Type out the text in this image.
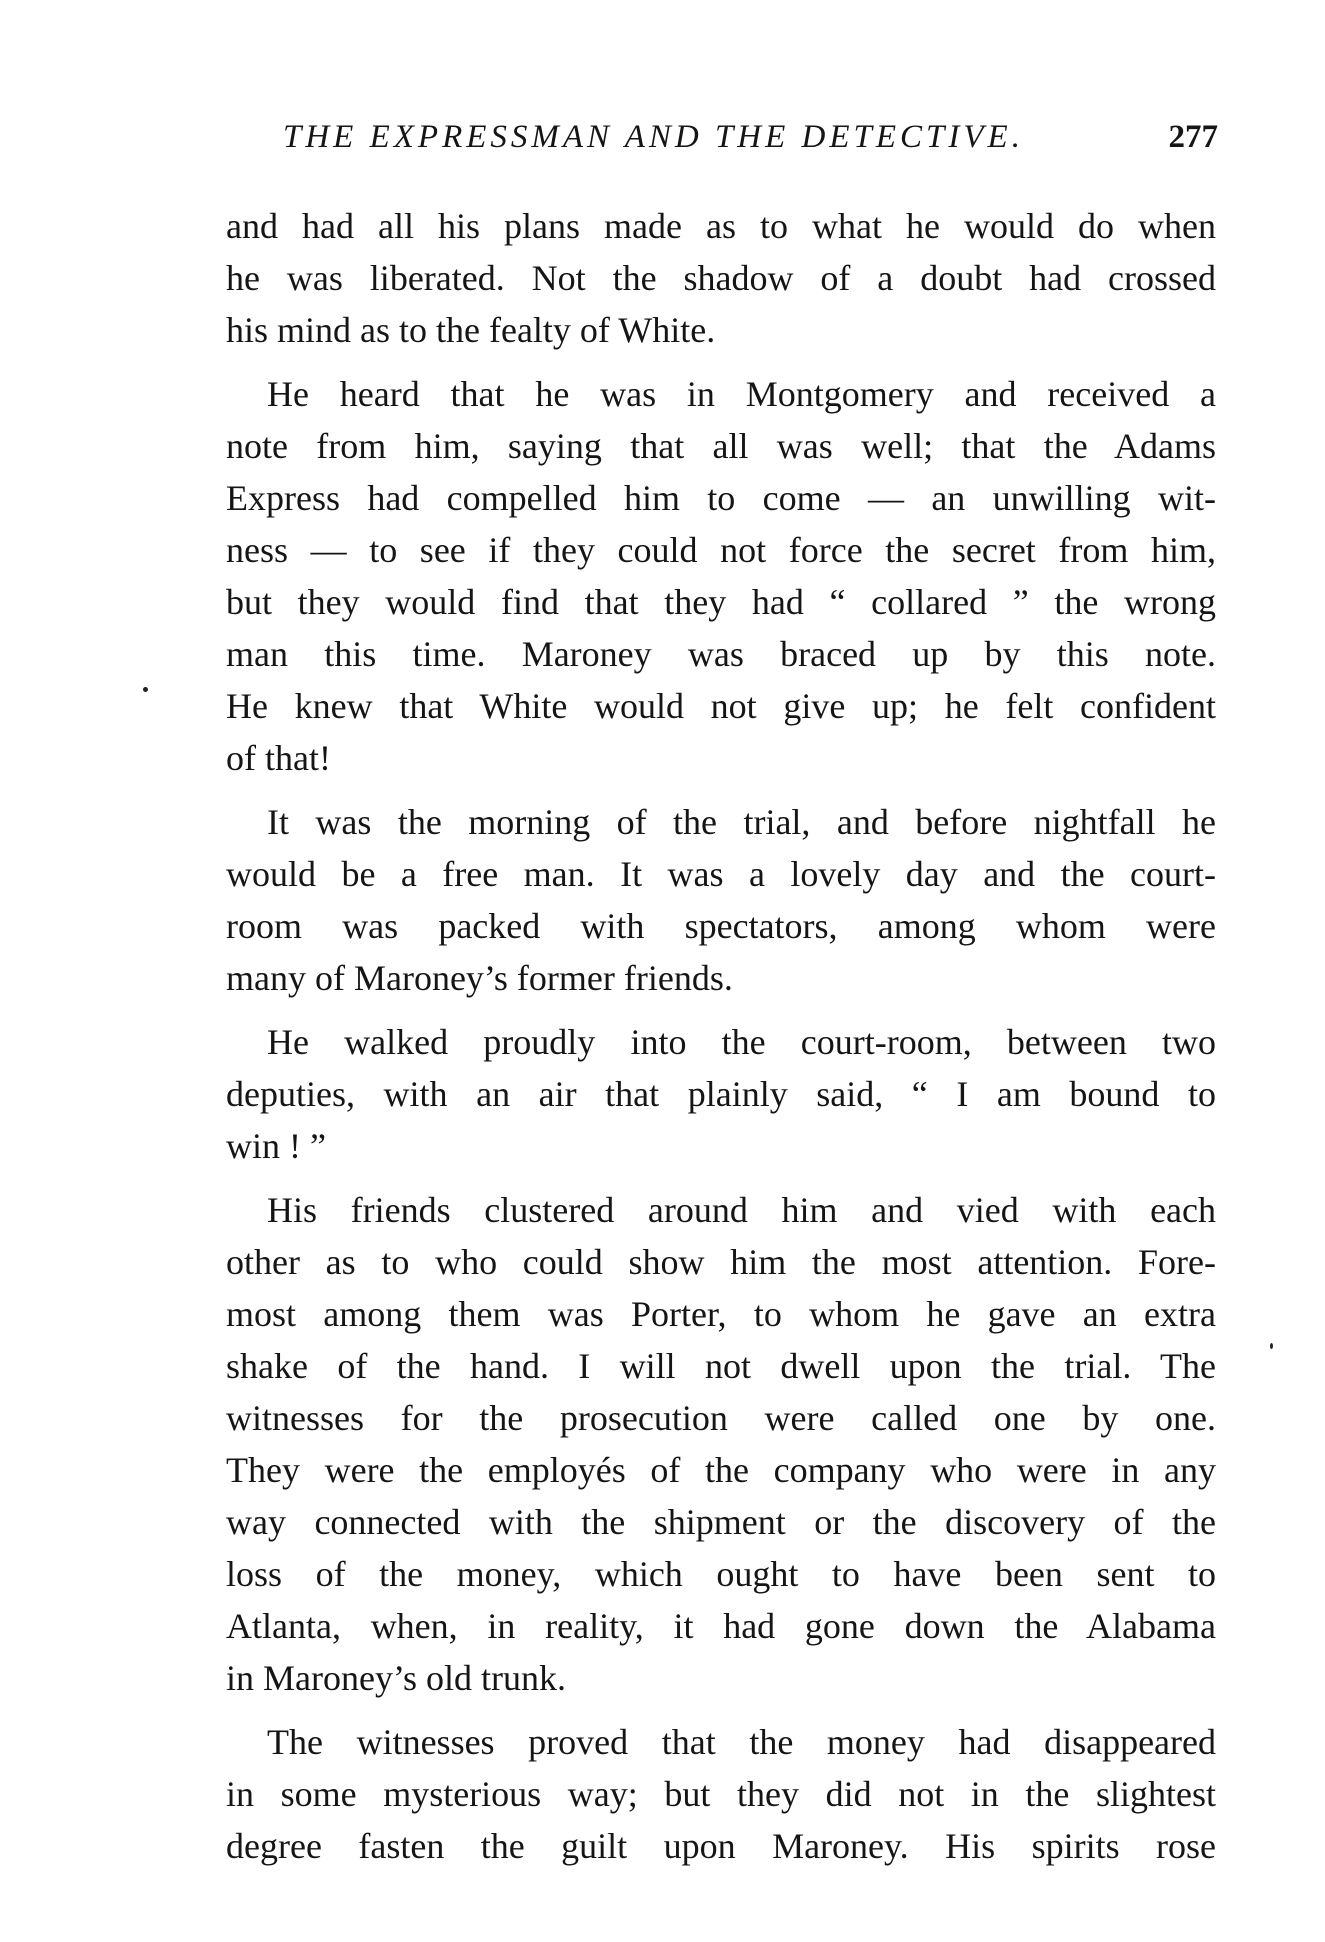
THE EXPRESSMAN AND THE DETECTIVE.	277

and had all his plans made as to what he would do when
he was liberated. Not the shadow of a doubt had crossed
his mind as to the fealty of White.

He heard that he was in Montgomery and received a
note from him, saying that all was well; that the Adams
Express had compelled him to come — an unwilling wit-
ness — to see if they could not force the secret from him,
but they would find that they had “ collared ” the wrong
man this time. Maroney was braced up by this note.
He knew that White would not give up; he felt confident
of that!

It was the morning of the trial, and before nightfall he
would be a free man. It was a lovely day and the court-
room was packed with spectators, among whom were
many of Maroney’s former friends.

He walked proudly into the court-room, between two
deputies, with an air that plainly said, “ I am bound to
win ! ”

His friends clustered around him and vied with each
other as to who could show him the most attention. Fore-
most among them was Porter, to whom he gave an extra
shake of the hand. I will not dwell upon the trial. The
witnesses for the prosecution were called one by one.
They were the employés of the company who were in any
way connected with the shipment or the discovery of the
loss of the money, which ought to have been sent to
Atlanta, when, in reality, it had gone down the Alabama
in Maroney’s old trunk.

The witnesses proved that the money had disappeared
in some mysterious way; but they did not in the slightest
degree fasten the guilt upon Maroney. His spirits rose
